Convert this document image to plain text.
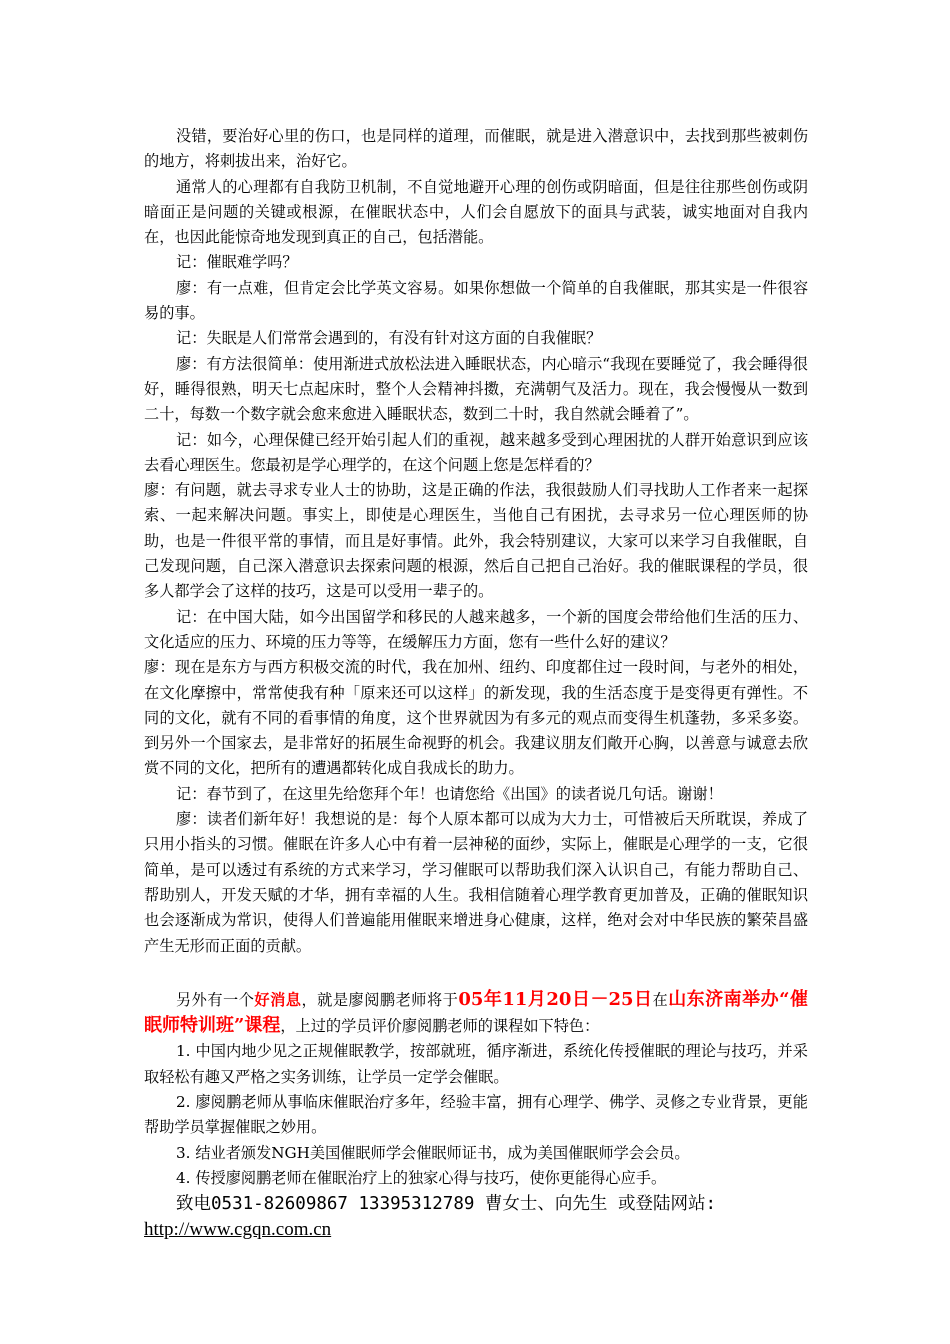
没错，要治好心里的伤口，也是同样的道理，而催眠，就是进入潜意识中，去找到那些被刺伤的地方，将刺拔出来，治好它。

通常人的心理都有自我防卫机制，不自觉地避开心理的创伤或阴暗面，但是往往那些创伤或阴暗面正是问题的关键或根源，在催眠状态中，人们会自愿放下的面具与武装，诚实地面对自我内在，也因此能惊奇地发现到真正的自己，包括潜能。

记：催眠难学吗？

廖：有一点难，但肯定会比学英文容易。如果你想做一个简单的自我催眠，那其实是一件很容易的事。

记：失眠是人们常常会遇到的，有没有针对这方面的自我催眠？

廖：有方法很简单：使用渐进式放松法进入睡眠状态，内心暗示“我现在要睡觉了，我会睡得很好，睡得很熟，明天七点起床时，整个人会精神抖擞，充满朝气及活力。现在，我会慢慢从一数到二十，每数一个数字就会愈来愈进入睡眠状态，数到二十时，我自然就会睡着了”。

记：如今，心理保健已经开始引起人们的重视，越来越多受到心理困扰的人群开始意识到应该去看心理医生。您最初是学心理学的，在这个问题上您是怎样看的？

廖：有问题，就去寻求专业人士的协助，这是正确的作法，我很鼓励人们寻找助人工作者来一起探索、一起来解决问题。事实上，即使是心理医生，当他自己有困扰，去寻求另一位心理医师的协助，也是一件很平常的事情，而且是好事情。此外，我会特别建议，大家可以来学习自我催眠，自己发现问题，自己深入潜意识去探索问题的根源，然后自己把自己治好。我的催眠课程的学员，很多人都学会了这样的技巧，这是可以受用一辈子的。

记：在中国大陆，如今出国留学和移民的人越来越多，一个新的国度会带给他们生活的压力、文化适应的压力、环境的压力等等，在缓解压力方面，您有一些什么好的建议？

廖：现在是东方与西方积极交流的时代，我在加州、纽约、印度都住过一段时间，与老外的相处，在文化摩擦中，常常使我有种「原来还可以这样」的新发现，我的生活态度于是变得更有弹性。不同的文化，就有不同的看事情的角度，这个世界就因为有多元的观点而变得生机蓬勃，多采多姿。到另外一个国家去，是非常好的拓展生命视野的机会。我建议朋友们敞开心胸，以善意与诚意去欣赏不同的文化，把所有的遭遇都转化成自我成长的助力。

记：春节到了，在这里先给您拜个年！也请您给《出国》的读者说几句话。谢谢！

廖：读者们新年好！我想说的是：每个人原本都可以成为大力士，可惜被后天所耽误，养成了只用小指头的习惯。催眠在许多人心中有着一层神秘的面纱，实际上，催眠是心理学的一支，它很简单，是可以透过有系统的方式来学习，学习催眠可以帮助我们深入认识自己，有能力帮助自己、帮助别人，开发天赋的才华，拥有幸福的人生。我相信随着心理学教育更加普及，正确的催眠知识也会逐渐成为常识，使得人们普遍能用催眠来增进身心健康，这样，绝对会对中华民族的繁荣昌盛产生无形而正面的贡献。

另外有一个好消息，就是廖阅鹏老师将于05年11月20日－25日在山东济南举办“催眠师特训班”课程，上过的学员评价廖阅鹏老师的课程如下特色：

1. 中国内地少见之正规催眠教学，按部就班，循序渐进，系统化传授催眠的理论与技巧，并采取轻松有趣又严格之实务训练，让学员一定学会催眠。

2. 廖阅鹏老师从事临床催眠治疗多年，经验丰富，拥有心理学、佛学、灵修之专业背景，更能帮助学员掌握催眠之妙用。

3. 结业者颁发NGH美国催眠师学会催眠师证书，成为美国催眠师学会会员。

4. 传授廖阅鹏老师在催眠治疗上的独家心得与技巧，使你更能得心应手。

致电0531-82609867 13395312789 曹女士、向先生 或登陆网站:

http://www.cgqn.com.cn
